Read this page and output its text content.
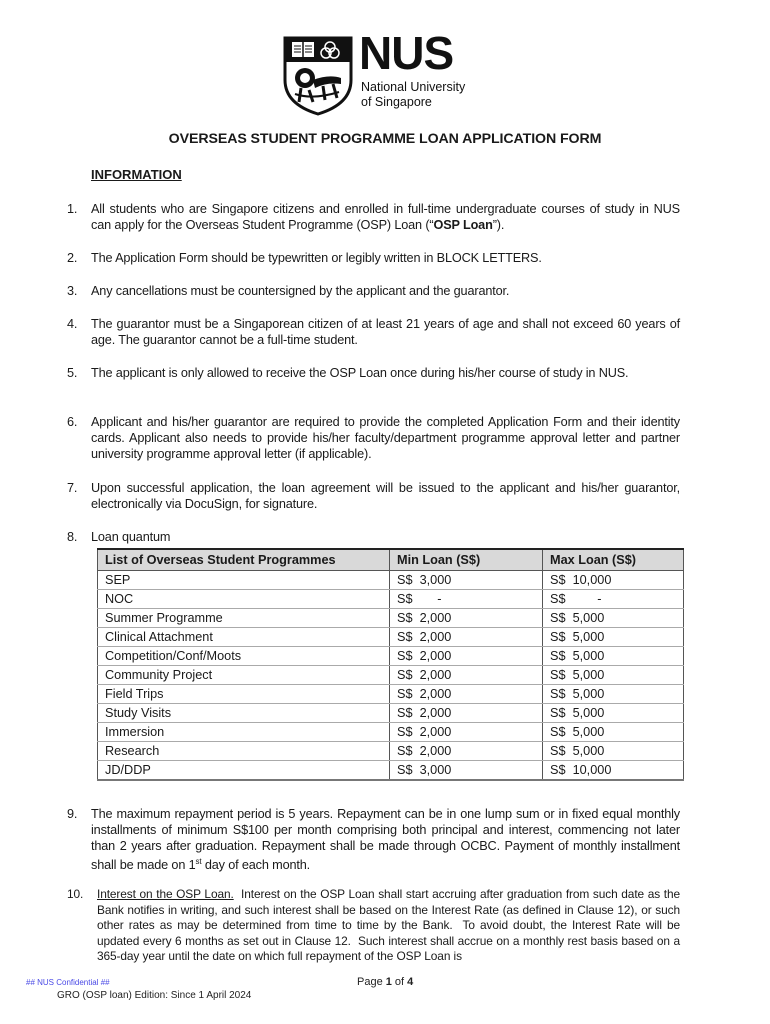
NUS
National University
of Singapore
OVERSEAS STUDENT PROGRAMME LOAN APPLICATION FORM
INFORMATION
1.	All students who are Singapore citizens and enrolled in full-time undergraduate courses of study in NUS can apply for the Overseas Student Programme (OSP) Loan (“OSP Loan”).
2.	The Application Form should be typewritten or legibly written in BLOCK LETTERS.
3.	Any cancellations must be countersigned by the applicant and the guarantor.
4.	The guarantor must be a Singaporean citizen of at least 21 years of age and shall not exceed 60 years of age. The guarantor cannot be a full-time student.
5.	The applicant is only allowed to receive the OSP Loan once during his/her course of study in NUS.
6.	Applicant and his/her guarantor are required to provide the completed Application Form and their identity cards. Applicant also needs to provide his/her faculty/department programme approval letter and partner university programme approval letter (if applicable).
7.	Upon successful application, the loan agreement will be issued to the applicant and his/her guarantor, electronically via DocuSign, for signature.
8.	Loan quantum
List of Overseas Student Programmes	Min Loan (S$)	Max Loan (S$)
SEP	S$  3,000	S$  10,000
NOC	S$       -	S$         -
Summer Programme	S$  2,000	S$  5,000
Clinical Attachment	S$  2,000	S$  5,000
Competition/Conf/Moots	S$  2,000	S$  5,000
Community Project	S$  2,000	S$  5,000
Field Trips	S$  2,000	S$  5,000
Study Visits	S$  2,000	S$  5,000
Immersion	S$  2,000	S$  5,000
Research	S$  2,000	S$  5,000
JD/DDP	S$  3,000	S$  10,000
9.	The maximum repayment period is 5 years. Repayment can be in one lump sum or in fixed equal monthly installments of minimum S$100 per month comprising both principal and interest, commencing not later than 2 years after graduation. Repayment shall be made through OCBC. Payment of monthly installment shall be made on 1st day of each month.
10. Interest on the OSP Loan.  Interest on the OSP Loan shall start accruing after graduation from such date as the Bank notifies in writing, and such interest shall be based on the Interest Rate (as defined in Clause 12), or such other rates as may be determined from time to time by the Bank.  To avoid doubt, the Interest Rate will be updated every 6 months as set out in Clause 12.  Such interest shall accrue on a monthly rest basis based on a 365-day year until the date on which full repayment of the OSP Loan is
## NUS Confidential ##
GRO (OSP loan) Edition: Since 1 April 2024
Page 1 of 4
